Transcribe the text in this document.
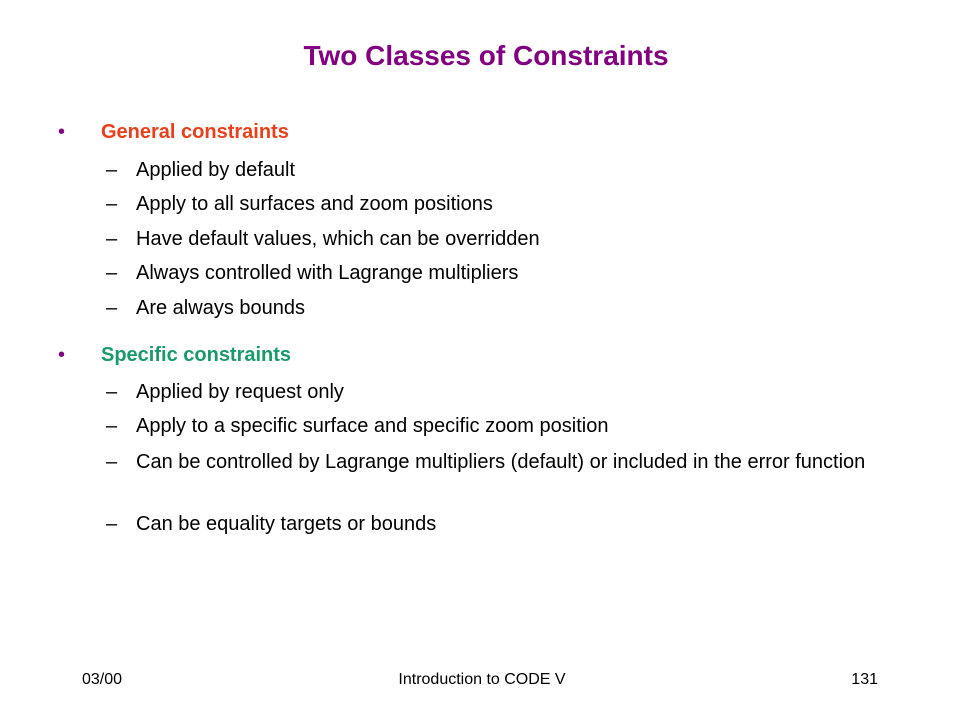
Two Classes of Constraints
• General constraints
– Applied by default
– Apply to all surfaces and zoom positions
– Have default values, which can be overridden
– Always controlled with Lagrange multipliers
– Are always bounds
• Specific constraints
– Applied by request only
– Apply to a specific surface and specific zoom position
– Can be controlled by Lagrange multipliers (default) or included in the error function
– Can be equality targets or bounds
03/00	Introduction to CODE V	131
